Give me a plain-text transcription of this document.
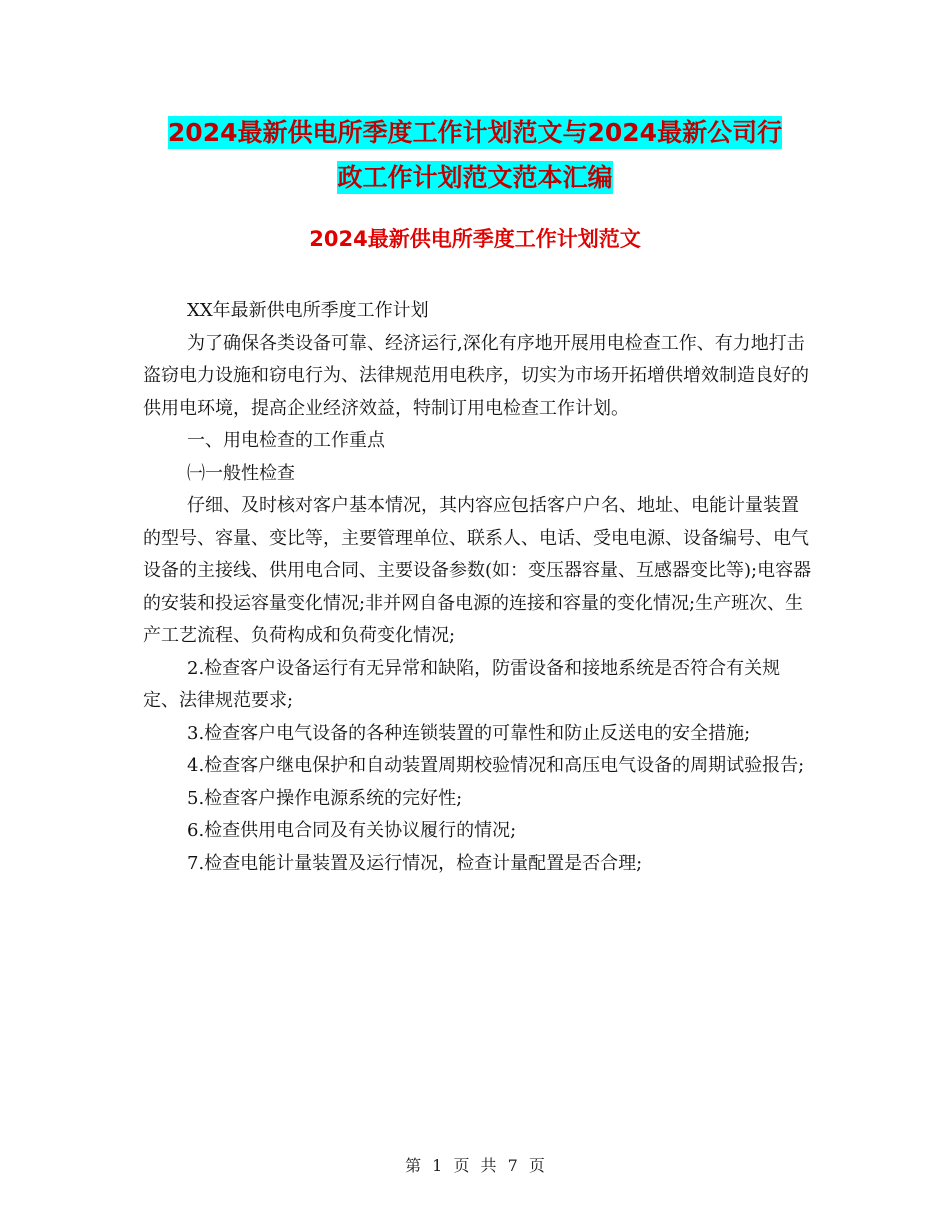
2024最新供电所季度工作计划范文与2024最新公司行
政工作计划范文范本汇编
2024最新供电所季度工作计划范文

XX年最新供电所季度工作计划

为了确保各类设备可靠、经济运行,深化有序地开展用电检查工作、有力地打击盗窃电力设施和窃电行为、法律规范用电秩序，切实为市场开拓增供增效制造良好的供用电环境，提高企业经济效益，特制订用电检查工作计划。

一、用电检查的工作重点

㈠一般性检查

仔细、及时核对客户基本情况，其内容应包括客户户名、地址、电能计量装置的型号、容量、变比等，主要管理单位、联系人、电话、受电电源、设备编号、电气设备的主接线、供用电合同、主要设备参数(如：变压器容量、互感器变比等);电容器的安装和投运容量变化情况;非并网自备电源的连接和容量的变化情况;生产班次、生产工艺流程、负荷构成和负荷变化情况;

2.检查客户设备运行有无异常和缺陷，防雷设备和接地系统是否符合有关规定、法律规范要求;

3.检查客户电气设备的各种连锁装置的可靠性和防止反送电的安全措施;

4.检查客户继电保护和自动装置周期校验情况和高压电气设备的周期试验报告;

5.检查客户操作电源系统的完好性;

6.检查供用电合同及有关协议履行的情况;

7.检查电能计量装置及运行情况，检查计量配置是否合理;

第 1 页 共 7 页
